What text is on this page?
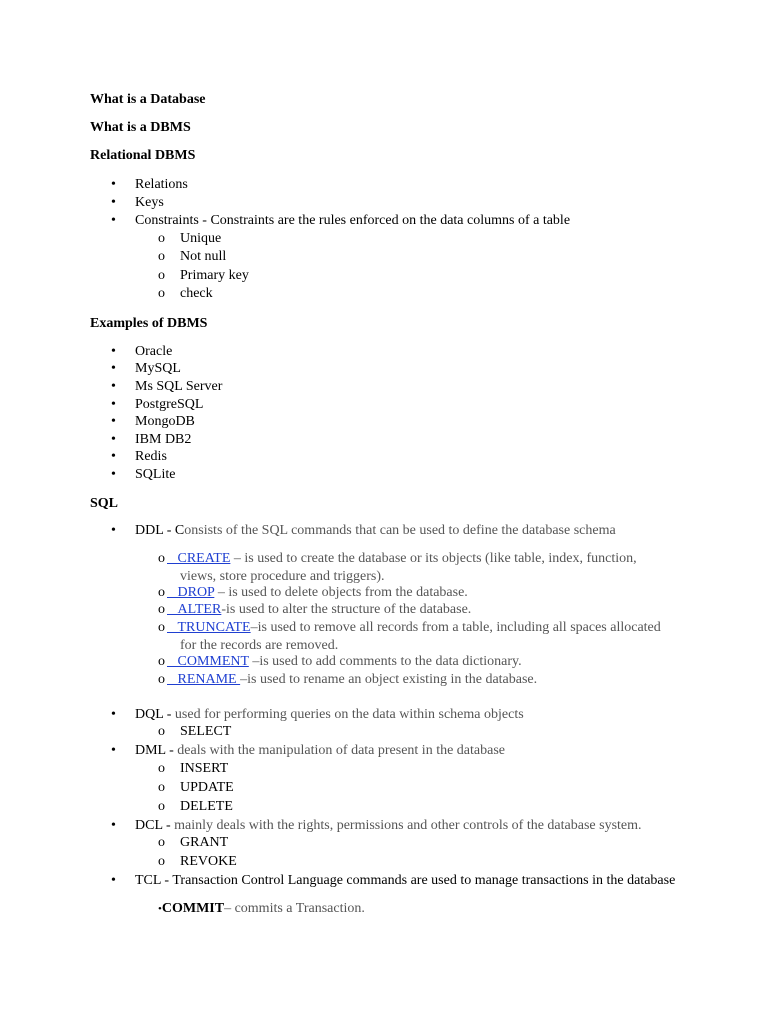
What is a Database
What is a DBMS
Relational DBMS
• Relations
• Keys
• Constraints - Constraints are the rules enforced on the data columns of a table
o Unique
o Not null
o Primary key
o check
Examples of DBMS
• Oracle
• MySQL
• Ms SQL Server
• PostgreSQL
• MongoDB
• IBM DB2
• Redis
• SQLite
SQL
• DDL - Consists of the SQL commands that can be used to define the database schema
o CREATE – is used to create the database or its objects (like table, index, function,
views, store procedure and triggers).
o DROP – is used to delete objects from the database.
o ALTER-is used to alter the structure of the database.
o TRUNCATE–is used to remove all records from a table, including all spaces allocated
for the records are removed.
o COMMENT –is used to add comments to the data dictionary.
o RENAME –is used to rename an object existing in the database.
• DQL - used for performing queries on the data within schema objects
o SELECT
• DML - deals with the manipulation of data present in the database
o INSERT
o UPDATE
o DELETE
• DCL - mainly deals with the rights, permissions and other controls of the database system.
o GRANT
o REVOKE
• TCL - Transaction Control Language commands are used to manage transactions in the database
•COMMIT– commits a Transaction.
